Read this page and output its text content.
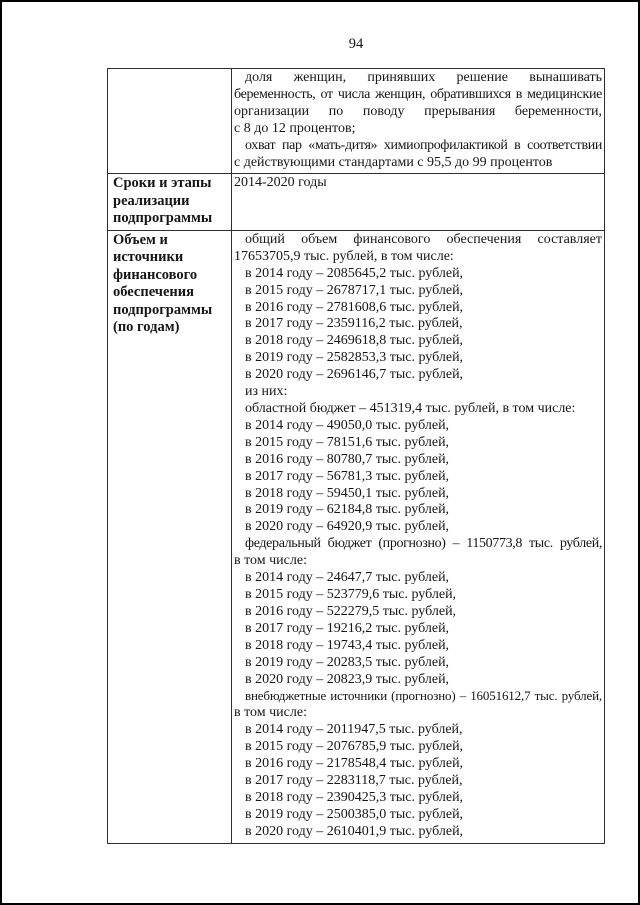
94
доля женщин, принявших решение вынашивать
беременность, от числа женщин, обратившихся в медицинские
организации по поводу прерывания беременности,
с 8 до 12 процентов;
охват пар «мать-дитя» химиопрофилактикой в соответствии
с действующими стандартами с 95,5 до 99 процентов
Сроки и этапы
реализации
подпрограммы
2014-2020 годы
Объем и
источники
финансового
обеспечения
подпрограммы
(по годам)
общий объем финансового обеспечения составляет
17653705,9 тыс. рублей, в том числе:
в 2014 году – 2085645,2 тыс. рублей,
в 2015 году – 2678717,1 тыс. рублей,
в 2016 году – 2781608,6 тыс. рублей,
в 2017 году – 2359116,2 тыс. рублей,
в 2018 году – 2469618,8 тыс. рублей,
в 2019 году – 2582853,3 тыс. рублей,
в 2020 году – 2696146,7 тыс. рублей,
из них:
областной бюджет – 451319,4 тыс. рублей, в том числе:
в 2014 году – 49050,0 тыс. рублей,
в 2015 году – 78151,6 тыс. рублей,
в 2016 году – 80780,7 тыс. рублей,
в 2017 году – 56781,3 тыс. рублей,
в 2018 году – 59450,1 тыс. рублей,
в 2019 году – 62184,8 тыс. рублей,
в 2020 году – 64920,9 тыс. рублей,
федеральный бюджет (прогнозно) – 1150773,8 тыс. рублей,
в том числе:
в 2014 году – 24647,7 тыс. рублей,
в 2015 году – 523779,6 тыс. рублей,
в 2016 году – 522279,5 тыс. рублей,
в 2017 году – 19216,2 тыс. рублей,
в 2018 году – 19743,4 тыс. рублей,
в 2019 году – 20283,5 тыс. рублей,
в 2020 году – 20823,9 тыс. рублей,
внебюджетные источники (прогнозно) – 16051612,7 тыс. рублей,
в том числе:
в 2014 году – 2011947,5 тыс. рублей,
в 2015 году – 2076785,9 тыс. рублей,
в 2016 году – 2178548,4 тыс. рублей,
в 2017 году – 2283118,7 тыс. рублей,
в 2018 году – 2390425,3 тыс. рублей,
в 2019 году – 2500385,0 тыс. рублей,
в 2020 году – 2610401,9 тыс. рублей,
